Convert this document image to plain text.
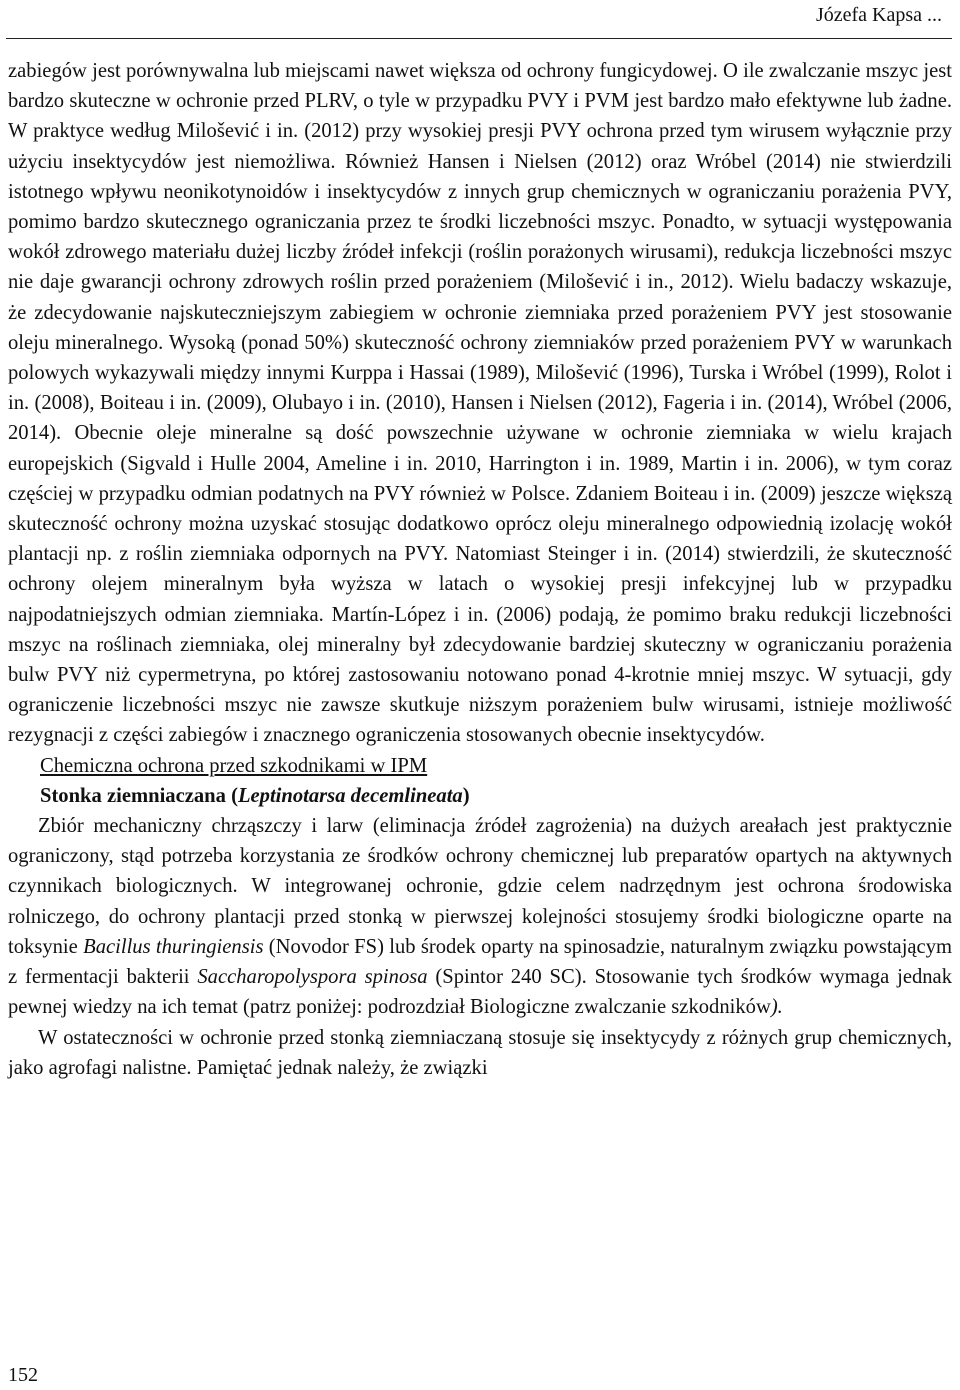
Józefa Kapsa ...

zabiegów jest porównywalna lub miejscami nawet większa od ochrony fungicydowej. O ile zwalczanie mszyc jest bardzo skuteczne w ochronie przed PLRV, o tyle w przypadku PVY i PVM jest bardzo mało efektywne lub żadne. W praktyce według Milošević i in. (2012) przy wysokiej presji PVY ochrona przed tym wirusem wyłącznie przy użyciu insektycydów jest niemożliwa. Również Hansen i Nielsen (2012) oraz Wróbel (2014) nie stwierdzili istotnego wpływu neonikotynoidów i insektycydów z innych grup chemicznych w ograniczaniu porażenia PVY, pomimo bardzo skutecznego ograniczania przez te środki liczebności mszyc. Ponadto, w sytuacji występowania wokół zdrowego materiału dużej liczby źródeł infekcji (roślin porażonych wirusami), redukcja liczebności mszyc nie daje gwarancji ochrony zdrowych roślin przed porażeniem (Milošević i in., 2012). Wielu badaczy wskazuje, że zdecydowanie najskuteczniejszym zabiegiem w ochronie ziemniaka przed porażeniem PVY jest stosowanie oleju mineralnego. Wysoką (ponad 50%) skuteczność ochrony ziemniaków przed porażeniem PVY w warunkach polowych wykazywali między innymi Kurppa i Hassai (1989), Milošević (1996), Turska i Wróbel (1999), Rolot i in. (2008), Boiteau i in. (2009), Olubayo i in. (2010), Hansen i Nielsen (2012), Fageria i in. (2014), Wróbel (2006, 2014). Obecnie oleje mineralne są dość powszechnie używane w ochronie ziemniaka w wielu krajach europejskich (Sigvald i Hulle 2004, Ameline i in. 2010, Harrington i in. 1989, Martin i in. 2006), w tym coraz częściej w przypadku odmian podatnych na PVY również w Polsce. Zdaniem Boiteau i in. (2009) jeszcze większą skuteczność ochrony można uzyskać stosując dodatkowo oprócz oleju mineralnego odpowiednią izolację wokół plantacji np. z roślin ziemniaka odpornych na PVY. Natomiast Steinger i in. (2014) stwierdzili, że skuteczność ochrony olejem mineralnym była wyższa w latach o wysokiej presji infekcyjnej lub w przypadku najpodatniejszych odmian ziemniaka. Martín-López i in. (2006) podają, że pomimo braku redukcji liczebności mszyc na roślinach ziemniaka, olej mineralny był zdecydowanie bardziej skuteczny w ograniczaniu porażenia bulw PVY niż cypermetryna, po której zastosowaniu notowano ponad 4-krotnie mniej mszyc. W sytuacji, gdy ograniczenie liczebności mszyc nie zawsze skutkuje niższym porażeniem bulw wirusami, istnieje możliwość rezygnacji z części zabiegów i znacznego ograniczenia stosowanych obecnie insektycydów.

Chemiczna ochrona przed szkodnikami w IPM

Stonka ziemniaczana (Leptinotarsa decemlineata)

Zbiór mechaniczny chrząszczy i larw (eliminacja źródeł zagrożenia) na dużych areałach jest praktycznie ograniczony, stąd potrzeba korzystania ze środków ochrony chemicznej lub preparatów opartych na aktywnych czynnikach biologicznych. W integrowanej ochronie, gdzie celem nadrzędnym jest ochrona środowiska rolniczego, do ochrony plantacji przed stonką w pierwszej kolejności stosujemy środki biologiczne oparte na toksynie Bacillus thuringiensis (Novodor FS) lub środek oparty na spinosadzie, naturalnym związku powstającym z fermentacji bakterii Saccharopolyspora spinosa (Spintor 240 SC). Stosowanie tych środków wymaga jednak pewnej wiedzy na ich temat (patrz poniżej: podrozdział Biologiczne zwalczanie szkodników).

W ostateczności w ochronie przed stonką ziemniaczaną stosuje się insektycydy z różnych grup chemicznych, jako agrofagi nalistne. Pamiętać jednak należy, że związki

152
